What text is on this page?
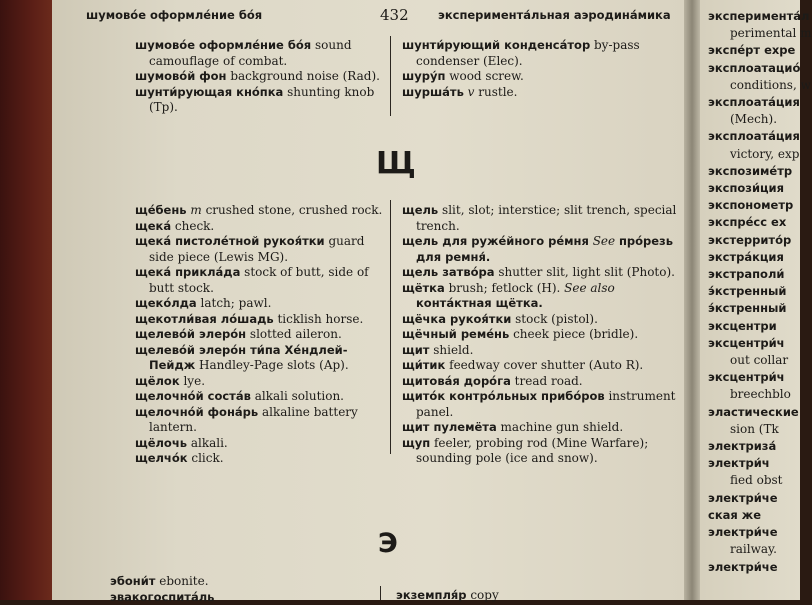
эксперимента́л
perimental m
экспéрт expe
эксплоатациó
conditions, w
эксплоатáция
(Mech).
эксплоатáция
victory, exp
экспозимéтр
экспози́ция
экспонометр
экспрéсс ex
экстеррито́р
экстрáкция
экстраполи́
э́кстренный
э́кстренный
эксцентри
эксцентри́ч
out collar
эксцентри́ч
breechblo
эластические
sion (Tk
электриза́
электри́ч
fied obst
электри́че
ская же
электри́че
railway.
электри́че
шумовóе оформлéние бóя	432	эксперимента́льная аэродина́мика
шумовóе оформлéние бóя sound camouflage of combat.
шумовóй фон background noise (Rad).
шунти́рующая кнóпка shunting knob (Tp).
шунти́рующий конденсáтор by-pass condenser (Elec).
шурýп wood screw.
шуршáть v rustle.
Щ
щéбень m crushed stone, crushed rock.
щекá check.
щекá пистолéтной рукоя́тки guard side piece (Lewis MG).
щекá приклáда stock of butt, side of butt stock.
щекóлда latch; pawl.
щекотли́вая лóшадь ticklish horse.
щелевóй элерóн slotted aileron.
щелевóй элерóн ти́па Хéндлей-Пейдж Handley-Page slots (Ap).
щёлок lye.
щелочнóй состáв alkali solution.
щелочнóй фонáрь alkaline battery lantern.
щёлочь alkali.
щелчóк click.
щель slit, slot; interstice; slit trench, special trench.
щель для ружéйного рéмня See прóрезь для ремня́.
щель затвóра shutter slit, light slit (Photo).
щётка brush; fetlock (H). See also контáктная щётка.
щёчка рукоя́тки stock (pistol).
щёчный ремéнь cheek piece (bridle).
щит shield.
щи́тик feedway cover shutter (Auto R).
щитовáя дорóга tread road.
щитóк контрóльных прибóров instrument panel.
щит пулемёта machine gun shield.
щуп feeler, probing rod (Mine Warfare); sounding pole (ice and snow).
Э
эбони́т ebonite.
эвакогоспитáль	экземпля́р copy
